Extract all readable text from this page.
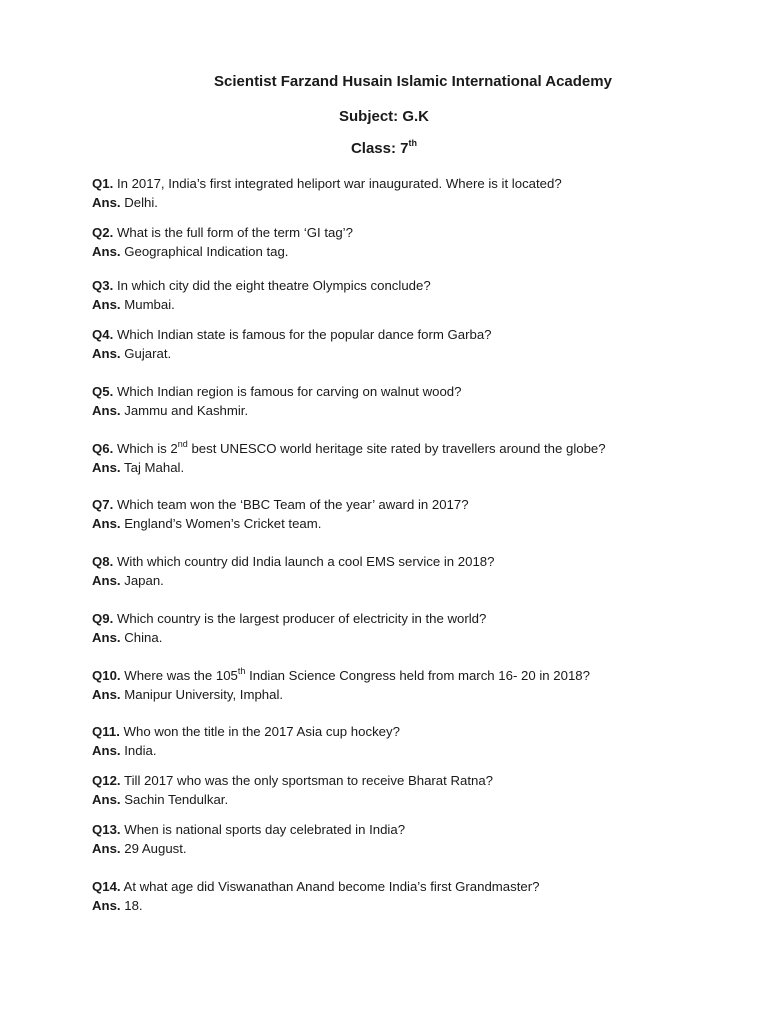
Scientist Farzand Husain Islamic International Academy
Subject: G.K
Class: 7th
Q1. In 2017, India’s first integrated heliport war inaugurated. Where is it located?
Ans. Delhi.
Q2. What is the full form of the term ‘GI tag’?
Ans. Geographical Indication tag.
Q3. In which city did the eight theatre Olympics conclude?
Ans. Mumbai.
Q4. Which Indian state is famous for the popular dance form Garba?
Ans. Gujarat.
Q5. Which Indian region is famous for carving on walnut wood?
Ans. Jammu and Kashmir.
Q6. Which is 2nd best UNESCO world heritage site rated by travellers around the globe?
Ans. Taj Mahal.
Q7. Which team won the ‘BBC Team of the year’ award in 2017?
Ans. England’s Women’s Cricket team.
Q8. With which country did India launch a cool EMS service in 2018?
Ans. Japan.
Q9. Which country is the largest producer of electricity in the world?
Ans. China.
Q10. Where was the 105th Indian Science Congress held from march 16- 20 in 2018?
Ans. Manipur University, Imphal.
Q11. Who won the title in the 2017 Asia cup hockey?
Ans. India.
Q12. Till 2017 who was the only sportsman to receive Bharat Ratna?
Ans. Sachin Tendulkar.
Q13. When is national sports day celebrated in India?
Ans. 29 August.
Q14. At what age did Viswanathan Anand become India’s first Grandmaster?
Ans. 18.
